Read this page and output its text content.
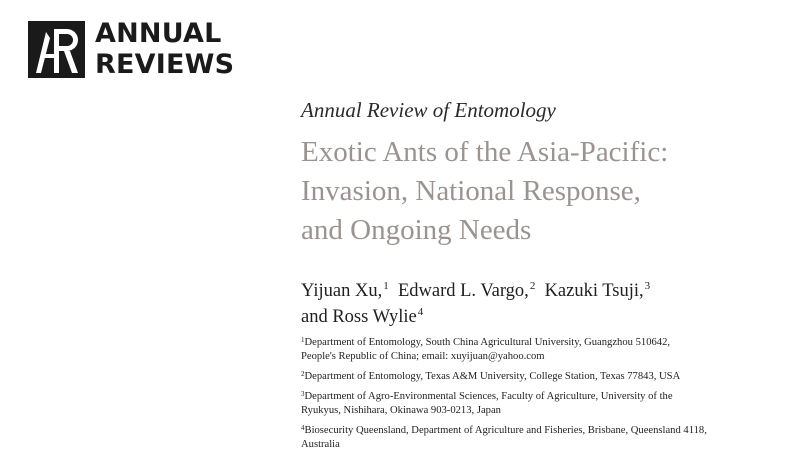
ANNUAL
REVIEWS
Annual Review of Entomology
Exotic Ants of the Asia-Pacific:
Invasion, National Response,
and Ongoing Needs
Yijuan Xu,$^1$ Edward L. Vargo,$^2$ Kazuki Tsuji,$^3$
and Ross Wylie$^4$
$^1$Department of Entomology, South China Agricultural University, Guangzhou 510642,
People's Republic of China; email: xuyijuan@yahoo.com
$^2$Department of Entomology, Texas A&M University, College Station, Texas 77843, USA
$^3$Department of Agro-Environmental Sciences, Faculty of Agriculture, University of the
Ryukyus, Nishihara, Okinawa 903-0213, Japan
$^4$Biosecurity Queensland, Department of Agriculture and Fisheries, Brisbane, Queensland 4118,
Australia
